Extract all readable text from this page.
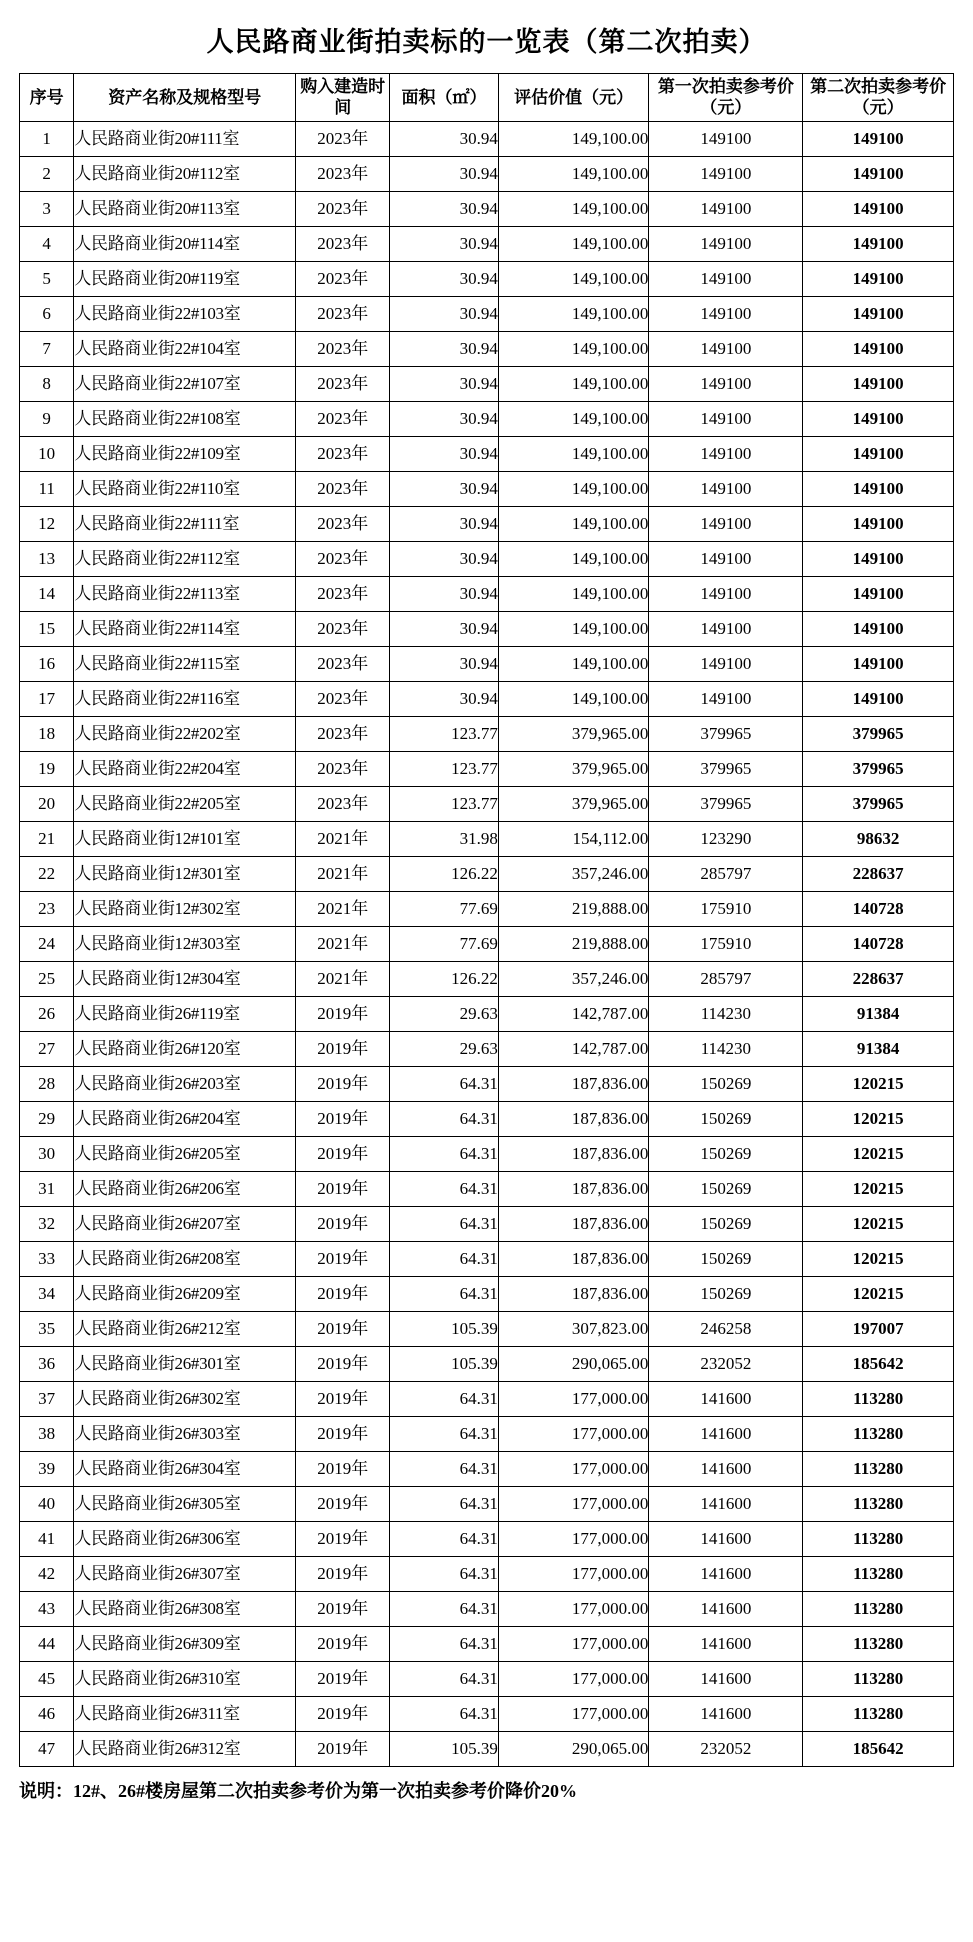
人民路商业街拍卖标的一览表（第二次拍卖）
序号	资产名称及规格型号	购入建造时间	面积（㎡）	评估价值（元）	第一次拍卖参考价（元）	第二次拍卖参考价（元）
1	人民路商业街20#111室	2023年	30.94	149,100.00	149100	149100
2	人民路商业街20#112室	2023年	30.94	149,100.00	149100	149100
3	人民路商业街20#113室	2023年	30.94	149,100.00	149100	149100
4	人民路商业街20#114室	2023年	30.94	149,100.00	149100	149100
5	人民路商业街20#119室	2023年	30.94	149,100.00	149100	149100
6	人民路商业街22#103室	2023年	30.94	149,100.00	149100	149100
7	人民路商业街22#104室	2023年	30.94	149,100.00	149100	149100
8	人民路商业街22#107室	2023年	30.94	149,100.00	149100	149100
9	人民路商业街22#108室	2023年	30.94	149,100.00	149100	149100
10	人民路商业街22#109室	2023年	30.94	149,100.00	149100	149100
11	人民路商业街22#110室	2023年	30.94	149,100.00	149100	149100
12	人民路商业街22#111室	2023年	30.94	149,100.00	149100	149100
13	人民路商业街22#112室	2023年	30.94	149,100.00	149100	149100
14	人民路商业街22#113室	2023年	30.94	149,100.00	149100	149100
15	人民路商业街22#114室	2023年	30.94	149,100.00	149100	149100
16	人民路商业街22#115室	2023年	30.94	149,100.00	149100	149100
17	人民路商业街22#116室	2023年	30.94	149,100.00	149100	149100
18	人民路商业街22#202室	2023年	123.77	379,965.00	379965	379965
19	人民路商业街22#204室	2023年	123.77	379,965.00	379965	379965
20	人民路商业街22#205室	2023年	123.77	379,965.00	379965	379965
21	人民路商业街12#101室	2021年	31.98	154,112.00	123290	98632
22	人民路商业街12#301室	2021年	126.22	357,246.00	285797	228637
23	人民路商业街12#302室	2021年	77.69	219,888.00	175910	140728
24	人民路商业街12#303室	2021年	77.69	219,888.00	175910	140728
25	人民路商业街12#304室	2021年	126.22	357,246.00	285797	228637
26	人民路商业街26#119室	2019年	29.63	142,787.00	114230	91384
27	人民路商业街26#120室	2019年	29.63	142,787.00	114230	91384
28	人民路商业街26#203室	2019年	64.31	187,836.00	150269	120215
29	人民路商业街26#204室	2019年	64.31	187,836.00	150269	120215
30	人民路商业街26#205室	2019年	64.31	187,836.00	150269	120215
31	人民路商业街26#206室	2019年	64.31	187,836.00	150269	120215
32	人民路商业街26#207室	2019年	64.31	187,836.00	150269	120215
33	人民路商业街26#208室	2019年	64.31	187,836.00	150269	120215
34	人民路商业街26#209室	2019年	64.31	187,836.00	150269	120215
35	人民路商业街26#212室	2019年	105.39	307,823.00	246258	197007
36	人民路商业街26#301室	2019年	105.39	290,065.00	232052	185642
37	人民路商业街26#302室	2019年	64.31	177,000.00	141600	113280
38	人民路商业街26#303室	2019年	64.31	177,000.00	141600	113280
39	人民路商业街26#304室	2019年	64.31	177,000.00	141600	113280
40	人民路商业街26#305室	2019年	64.31	177,000.00	141600	113280
41	人民路商业街26#306室	2019年	64.31	177,000.00	141600	113280
42	人民路商业街26#307室	2019年	64.31	177,000.00	141600	113280
43	人民路商业街26#308室	2019年	64.31	177,000.00	141600	113280
44	人民路商业街26#309室	2019年	64.31	177,000.00	141600	113280
45	人民路商业街26#310室	2019年	64.31	177,000.00	141600	113280
46	人民路商业街26#311室	2019年	64.31	177,000.00	141600	113280
47	人民路商业街26#312室	2019年	105.39	290,065.00	232052	185642
说明：12#、26#楼房屋第二次拍卖参考价为第一次拍卖参考价降价20%
